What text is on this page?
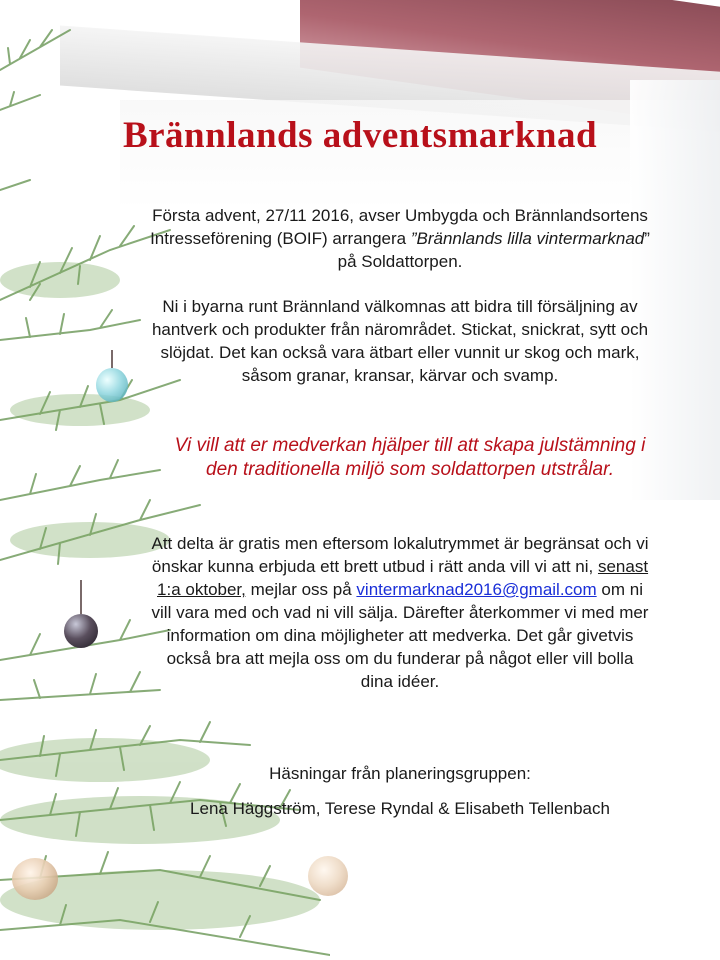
Brännlands adventsmarknad

Första advent, 27/11 2016, avser Umbygda och Brännlandsortens Intresseförening (BOIF) arrangera ”Brännlands lilla vintermarknad” på Soldattorpen.

Ni i byarna runt Brännland välkomnas att bidra till försäljning av hantverk och produkter från närområdet. Stickat, snickrat, sytt och slöjdat. Det kan också vara ätbart eller vunnit ur skog och mark, såsom granar, kransar, kärvar och svamp.

Vi vill att er medverkan hjälper till att skapa julstämning i den traditionella miljö som soldattorpen utstrålar.

Att delta är gratis men eftersom lokalutrymmet är begränsat och vi önskar kunna erbjuda ett brett utbud i rätt anda vill vi att ni, senast 1:a oktober, mejlar oss på vintermarknad2016@gmail.com om ni vill vara med och vad ni vill sälja. Därefter återkommer vi med mer information om dina möjligheter att medverka. Det går givetvis också bra att mejla oss om du funderar på något eller vill bolla dina idéer.

Häsningar från planeringsgruppen:

Lena Häggström, Terese Ryndal & Elisabeth Tellenbach
